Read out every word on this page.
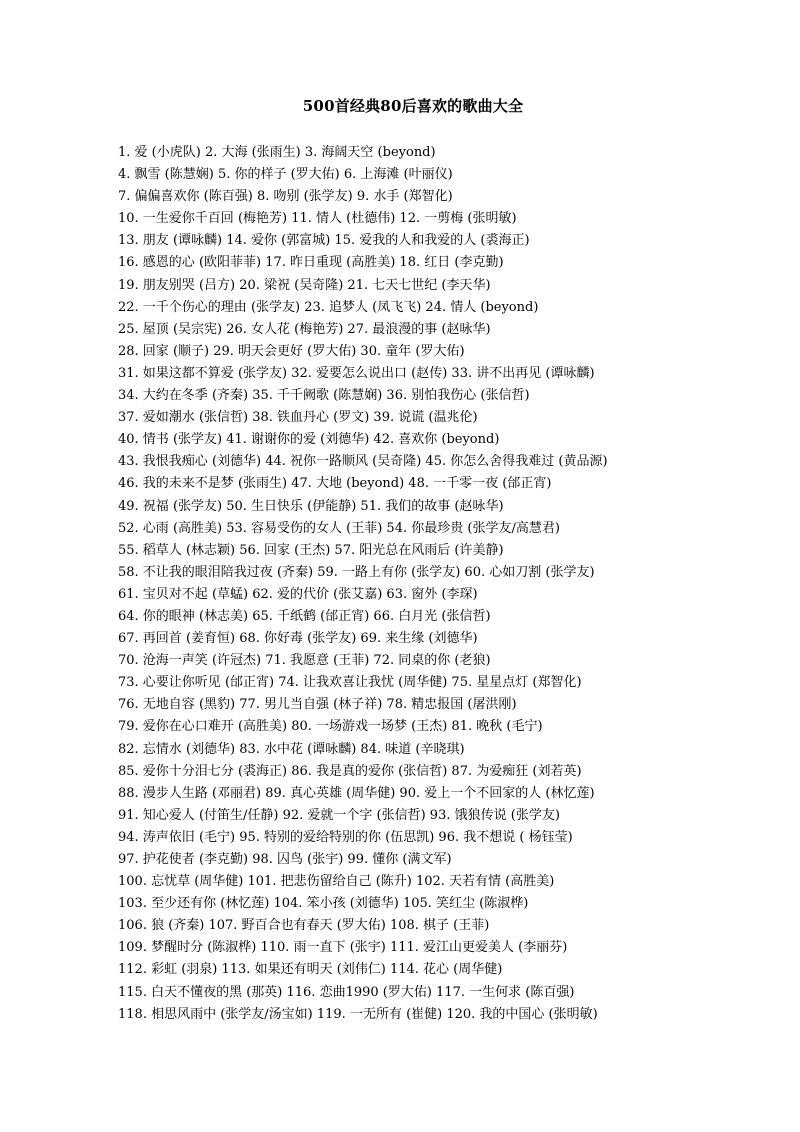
500首经典80后喜欢的歌曲大全
1. 爱 (小虎队) 2. 大海 (张雨生) 3. 海阔天空 (beyond)
4. 飘雪 (陈慧娴) 5. 你的样子 (罗大佑) 6. 上海滩 (叶丽仪)
7. 偏偏喜欢你 (陈百强) 8. 吻别 (张学友) 9. 水手 (郑智化)
10. 一生爱你千百回 (梅艳芳) 11. 情人 (杜德伟) 12. 一剪梅 (张明敏)
13. 朋友 (谭咏麟) 14. 爱你 (郭富城) 15. 爱我的人和我爱的人 (裘海正)
16. 感恩的心 (欧阳菲菲) 17. 昨日重现 (高胜美) 18. 红日 (李克勤)
19. 朋友别哭 (吕方) 20. 梁祝 (吴奇隆) 21. 七天七世纪 (李天华)
22. 一千个伤心的理由 (张学友) 23. 追梦人 (凤飞飞) 24. 情人 (beyond)
25. 屋顶 (吴宗宪) 26. 女人花 (梅艳芳) 27. 最浪漫的事 (赵咏华)
28. 回家 (顺子) 29. 明天会更好 (罗大佑) 30. 童年 (罗大佑)
31. 如果这都不算爱 (张学友) 32. 爱要怎么说出口 (赵传) 33. 讲不出再见 (谭咏麟)
34. 大约在冬季 (齐秦) 35. 千千阙歌 (陈慧娴) 36. 别怕我伤心 (张信哲)
37. 爱如潮水 (张信哲) 38. 铁血丹心 (罗文) 39. 说谎 (温兆伦)
40. 情书 (张学友) 41. 谢谢你的爱 (刘德华) 42. 喜欢你 (beyond)
43. 我恨我痴心 (刘德华) 44. 祝你一路顺风 (吴奇隆) 45. 你怎么舍得我难过 (黄品源)
46. 我的未来不是梦 (张雨生) 47. 大地 (beyond) 48. 一千零一夜 (邰正宵)
49. 祝福 (张学友) 50. 生日快乐 (伊能静) 51. 我们的故事 (赵咏华)
52. 心雨 (高胜美) 53. 容易受伤的女人 (王菲) 54. 你最珍贵 (张学友/高慧君)
55. 稻草人 (林志颖) 56. 回家 (王杰) 57. 阳光总在风雨后 (许美静)
58. 不让我的眼泪陪我过夜 (齐秦) 59. 一路上有你 (张学友) 60. 心如刀割 (张学友)
61. 宝贝对不起 (草蜢) 62. 爱的代价 (张艾嘉) 63. 窗外 (李琛)
64. 你的眼神 (林志美) 65. 千纸鹤 (邰正宵) 66. 白月光 (张信哲)
67. 再回首 (姜育恒) 68. 你好毒 (张学友) 69. 来生缘 (刘德华)
70. 沧海一声笑 (许冠杰) 71. 我愿意 (王菲) 72. 同桌的你 (老狼)
73. 心要让你听见 (邰正宵) 74. 让我欢喜让我忧 (周华健) 75. 星星点灯 (郑智化)
76. 无地自容 (黑豹) 77. 男儿当自强 (林子祥) 78. 精忠报国 (屠洪刚)
79. 爱你在心口难开 (高胜美) 80. 一场游戏一场梦 (王杰) 81. 晚秋 (毛宁)
82. 忘情水 (刘德华) 83. 水中花 (谭咏麟) 84. 味道 (辛晓琪)
85. 爱你十分泪七分 (裘海正) 86. 我是真的爱你 (张信哲) 87. 为爱痴狂 (刘若英)
88. 漫步人生路 (邓丽君) 89. 真心英雄 (周华健) 90. 爱上一个不回家的人 (林忆莲)
91. 知心爱人 (付笛生/任静) 92. 爱就一个字 (张信哲) 93. 饿狼传说 (张学友)
94. 涛声依旧 (毛宁) 95. 特别的爱给特别的你 (伍思凯) 96. 我不想说 ( 杨钰莹)
97. 护花使者 (李克勤) 98. 囚鸟 (张宇) 99. 懂你 (满文军)
100. 忘忧草 (周华健) 101. 把悲伤留给自己 (陈升) 102. 天若有情 (高胜美)
103. 至少还有你 (林忆莲) 104. 笨小孩 (刘德华) 105. 笑红尘 (陈淑桦)
106. 狼 (齐秦) 107. 野百合也有春天 (罗大佑) 108. 棋子 (王菲)
109. 梦醒时分 (陈淑桦) 110. 雨一直下 (张宇) 111. 爱江山更爱美人 (李丽芬)
112. 彩虹 (羽泉) 113. 如果还有明天 (刘伟仁) 114. 花心 (周华健)
115. 白天不懂夜的黑 (那英) 116. 恋曲1990 (罗大佑) 117. 一生何求 (陈百强)
118. 相思风雨中 (张学友/汤宝如) 119. 一无所有 (崔健) 120. 我的中国心 (张明敏)
